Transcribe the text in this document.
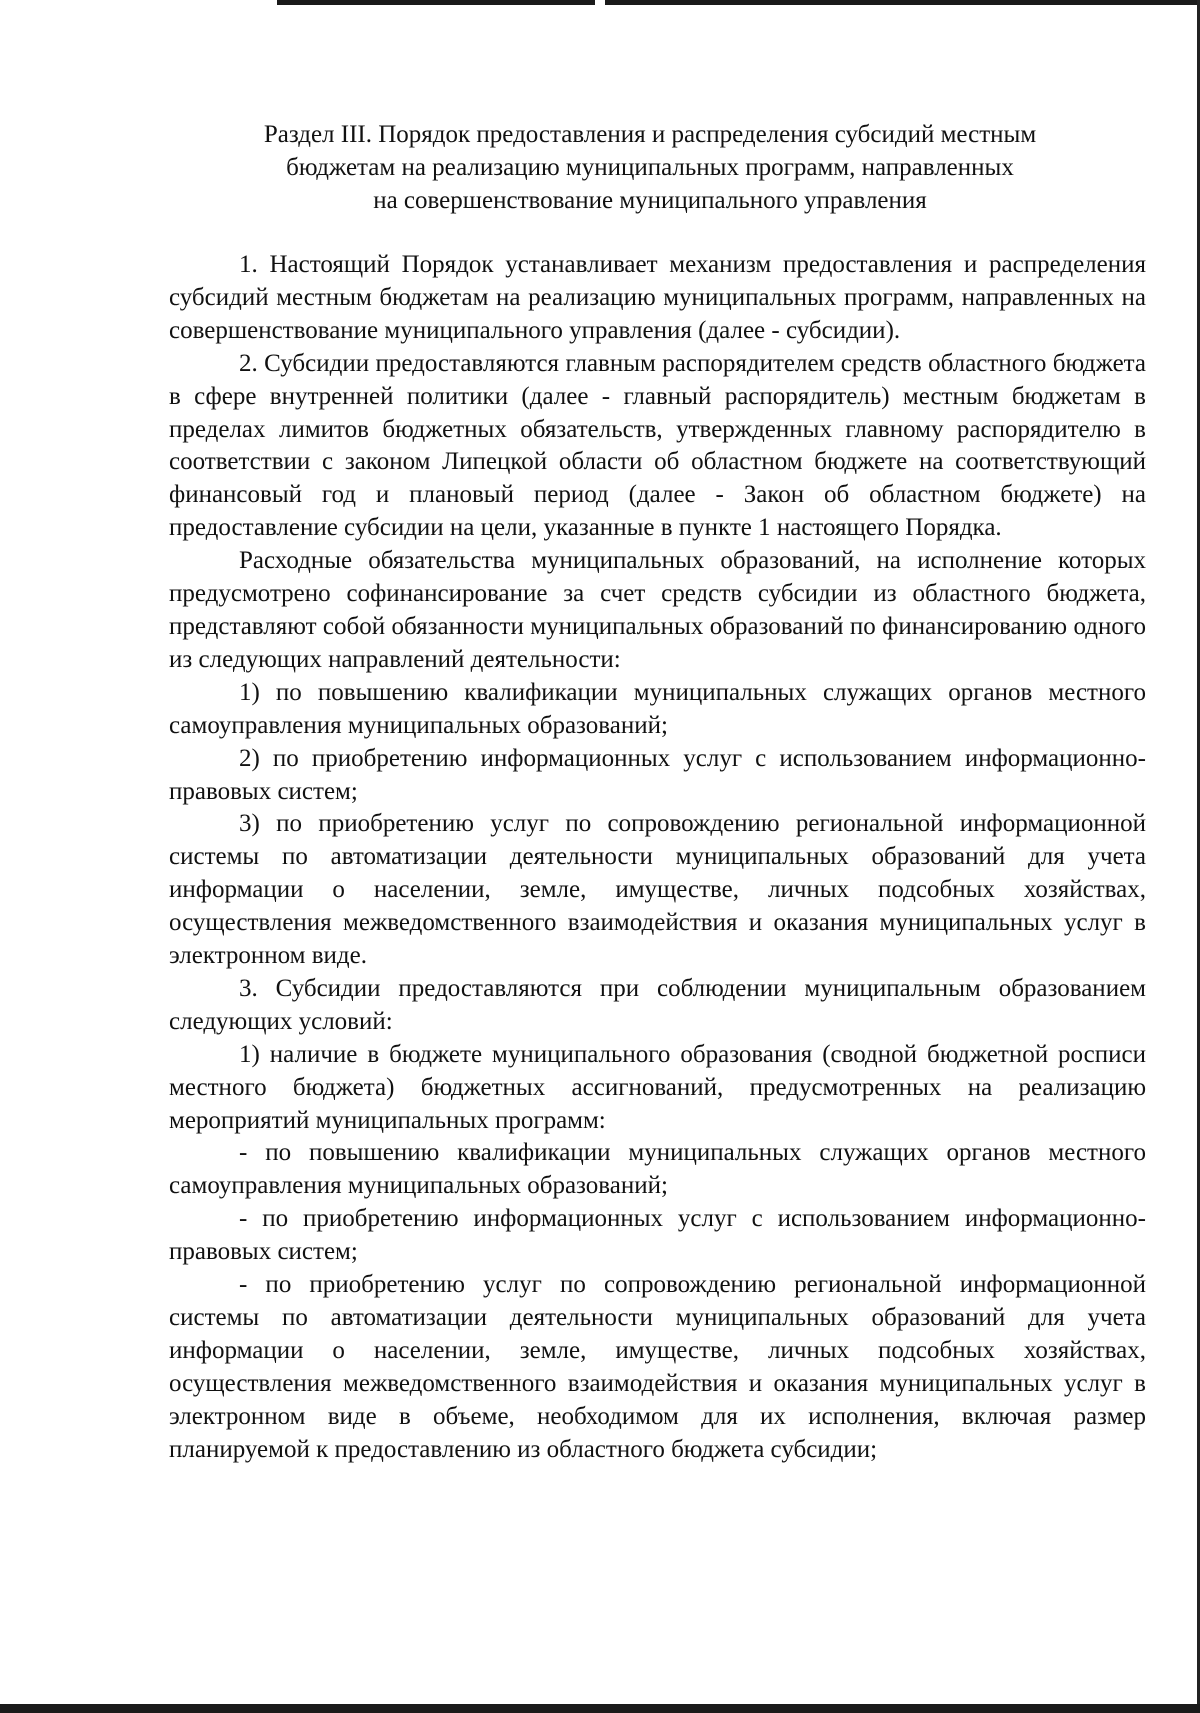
Раздел III. Порядок предоставления и распределения субсидий местным
бюджетам на реализацию муниципальных программ, направленных
на совершенствование муниципального управления

1. Настоящий Порядок устанавливает механизм предоставления и распределения субсидий местным бюджетам на реализацию муниципальных программ, направленных на совершенствование муниципального управления (далее - субсидии).

2. Субсидии предоставляются главным распорядителем средств областного бюджета в сфере внутренней политики (далее - главный распорядитель) местным бюджетам в пределах лимитов бюджетных обязательств, утвержденных главному распорядителю в соответствии с законом Липецкой области об областном бюджете на соответствующий финансовый год и плановый период (далее - Закон об областном бюджете) на предоставление субсидии на цели, указанные в пункте 1 настоящего Порядка.

Расходные обязательства муниципальных образований, на исполнение которых предусмотрено софинансирование за счет средств субсидии из областного бюджета, представляют собой обязанности муниципальных образований по финансированию одного из следующих направлений деятельности:

1) по повышению квалификации муниципальных служащих органов местного самоуправления муниципальных образований;

2) по приобретению информационных услуг с использованием информационно-правовых систем;

3) по приобретению услуг по сопровождению региональной информационной системы по автоматизации деятельности муниципальных образований для учета информации о населении, земле, имуществе, личных подсобных хозяйствах, осуществления межведомственного взаимодействия и оказания муниципальных услуг в электронном виде.

3. Субсидии предоставляются при соблюдении муниципальным образованием следующих условий:

1) наличие в бюджете муниципального образования (сводной бюджетной росписи местного бюджета) бюджетных ассигнований, предусмотренных на реализацию мероприятий муниципальных программ:

- по повышению квалификации муниципальных служащих органов местного самоуправления муниципальных образований;

- по приобретению информационных услуг с использованием информационно-правовых систем;

- по приобретению услуг по сопровождению региональной информационной системы по автоматизации деятельности муниципальных образований для учета информации о населении, земле, имуществе, личных подсобных хозяйствах, осуществления межведомственного взаимодействия и оказания муниципальных услуг в электронном виде в объеме, необходимом для их исполнения, включая размер планируемой к предоставлению из областного бюджета субсидии;
